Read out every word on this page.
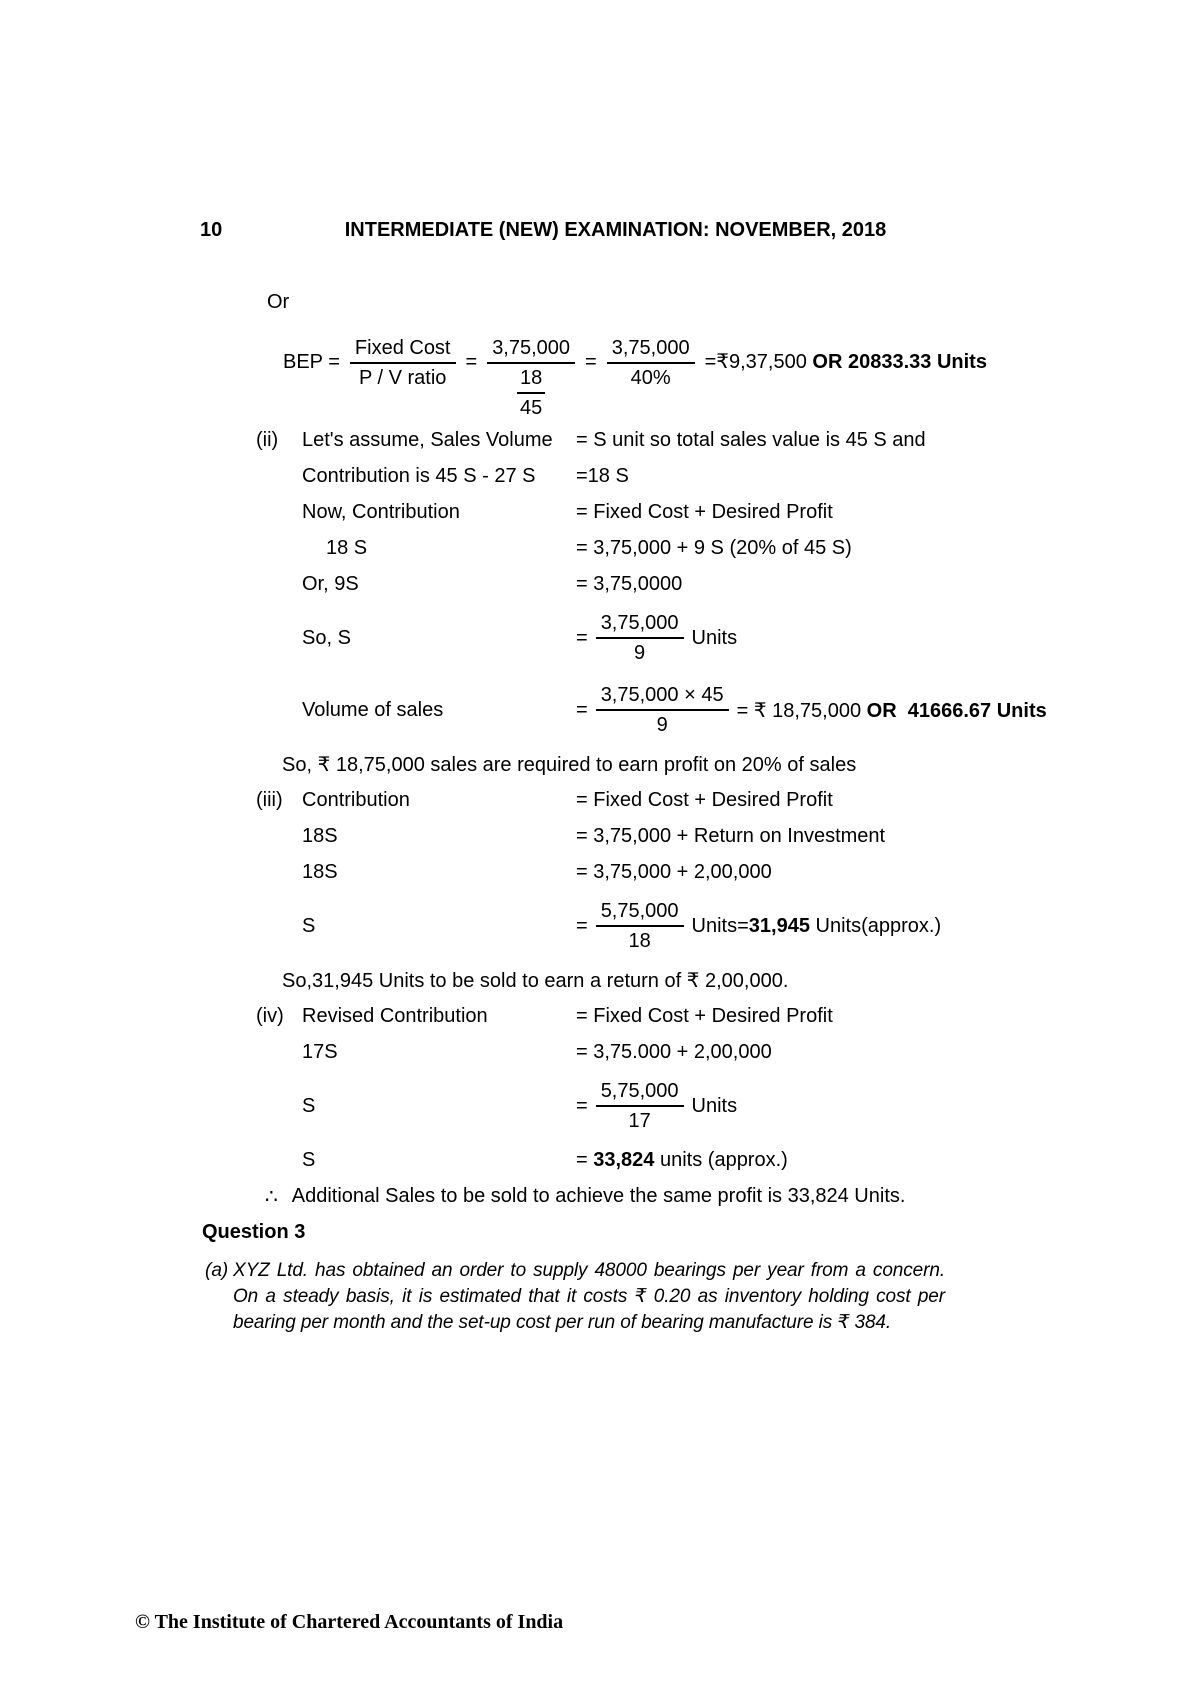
10	INTERMEDIATE (NEW) EXAMINATION: NOVEMBER, 2018
Or
BEP = $\frac{\text{Fixed Cost}}{\text{P / V ratio}} = \frac{3,75,000}{\frac{18}{45}} = \frac{3,75,000}{40\%}$ =₹9,37,500 OR 20833.33 Units
(ii)	Let's assume, Sales Volume	= S unit so total sales value is 45 S and
Contribution is 45 S - 27 S	=18 S
Now, Contribution	= Fixed Cost + Desired Profit
18 S	= 3,75,000 + 9 S (20% of 45 S)
Or, 9S	= 3,75,0000
So, S	= $\frac{3,75,000}{9}$ Units
Volume of sales	= $\frac{3,75,000 \times 45}{9}$ = ₹ 18,75,000 OR  41666.67 Units
So, ₹ 18,75,000 sales are required to earn profit on 20% of sales
(iii) Contribution	= Fixed Cost + Desired Profit
18S	= 3,75,000 + Return on Investment
18S	= 3,75,000 + 2,00,000
S	= $\frac{5,75,000}{18}$ Units=31,945 Units(approx.)
So,31,945 Units to be sold to earn a return of ₹ 2,00,000.
(iv) Revised Contribution	= Fixed Cost + Desired Profit
17S	= 3,75.000 + 2,00,000
S	= $\frac{5,75,000}{17}$ Units
S	= 33,824 units (approx.)
∴ Additional Sales to be sold to achieve the same profit is 33,824 Units.
Question 3
(a) XYZ Ltd. has obtained an order to supply 48000 bearings per year from a concern. On a steady basis, it is estimated that it costs ₹ 0.20 as inventory holding cost per bearing per month and the set-up cost per run of bearing manufacture is ₹ 384.

© The Institute of Chartered Accountants of India
